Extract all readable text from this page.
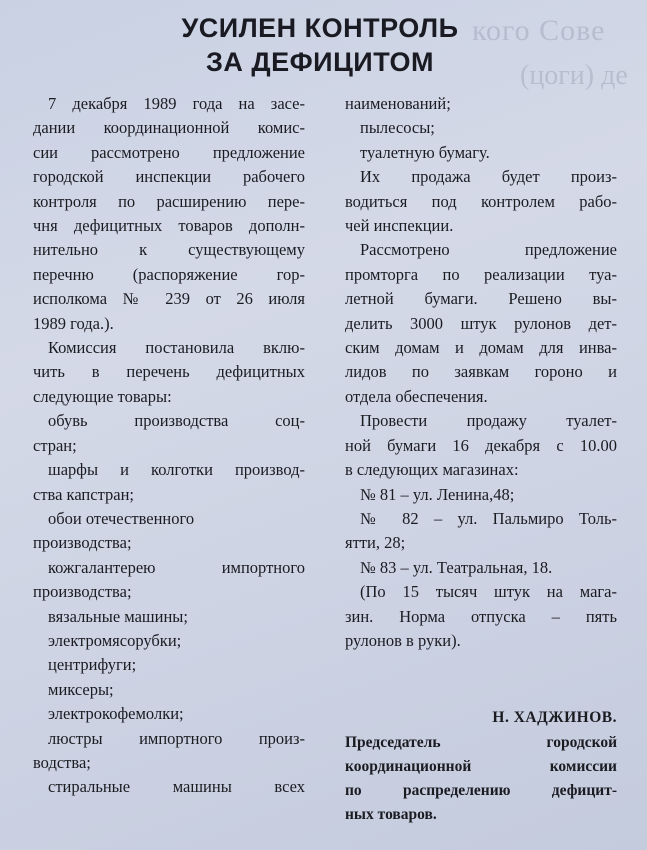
кого Сове
(цоги) де
УСИЛЕН КОНТРОЛЬ
ЗА ДЕФИЦИТОМ
7 декабря 1989 года на засе-
дании координационной комис-
сии рассмотрено предложение
городской инспекции рабочего
контроля по расширению пере-
чня дефицитных товаров дополн-
нительно к существующему
перечню (распоряжение гор-
исполкома № 239 от 26 июля
1989 года.).
Комиссия постановила вклю-
чить в перечень дефицитных
следующие товары:
обувь производства соц-
стран;
шарфы и колготки производ-
ства капстран;
обои отечественного
производства;
кожгалантерею импортного
производства;
вязальные машины;
электромясорубки;
центрифуги;
миксеры;
электрокофемолки;
люстры импортного произ-
водства;
стиральные машины всех
наименований;
пылесосы;
туалетную бумагу.
Их продажа будет произ-
водиться под контролем рабо-
чей инспекции.
Рассмотрено предложение
промторга по реализации туа-
летной бумаги. Решено вы-
делить 3000 штук рулонов дет-
ским домам и домам для инва-
лидов по заявкам гороно и
отдела обеспечения.
Провести продажу туалет-
ной бумаги 16 декабря с 10.00
в следующих магазинах:
№ 81 – ул. Ленина,48;
№ 82 – ул. Пальмиро Толь-
ятти, 28;
№ 83 – ул. Театральная, 18.
(По 15 тысяч штук на мага-
зин. Норма отпуска – пять
рулонов в руки).
Н. ХАДЖИНОВ.
Председатель городской
координационной комиссии
по распределению дефицит-
ных товаров.
